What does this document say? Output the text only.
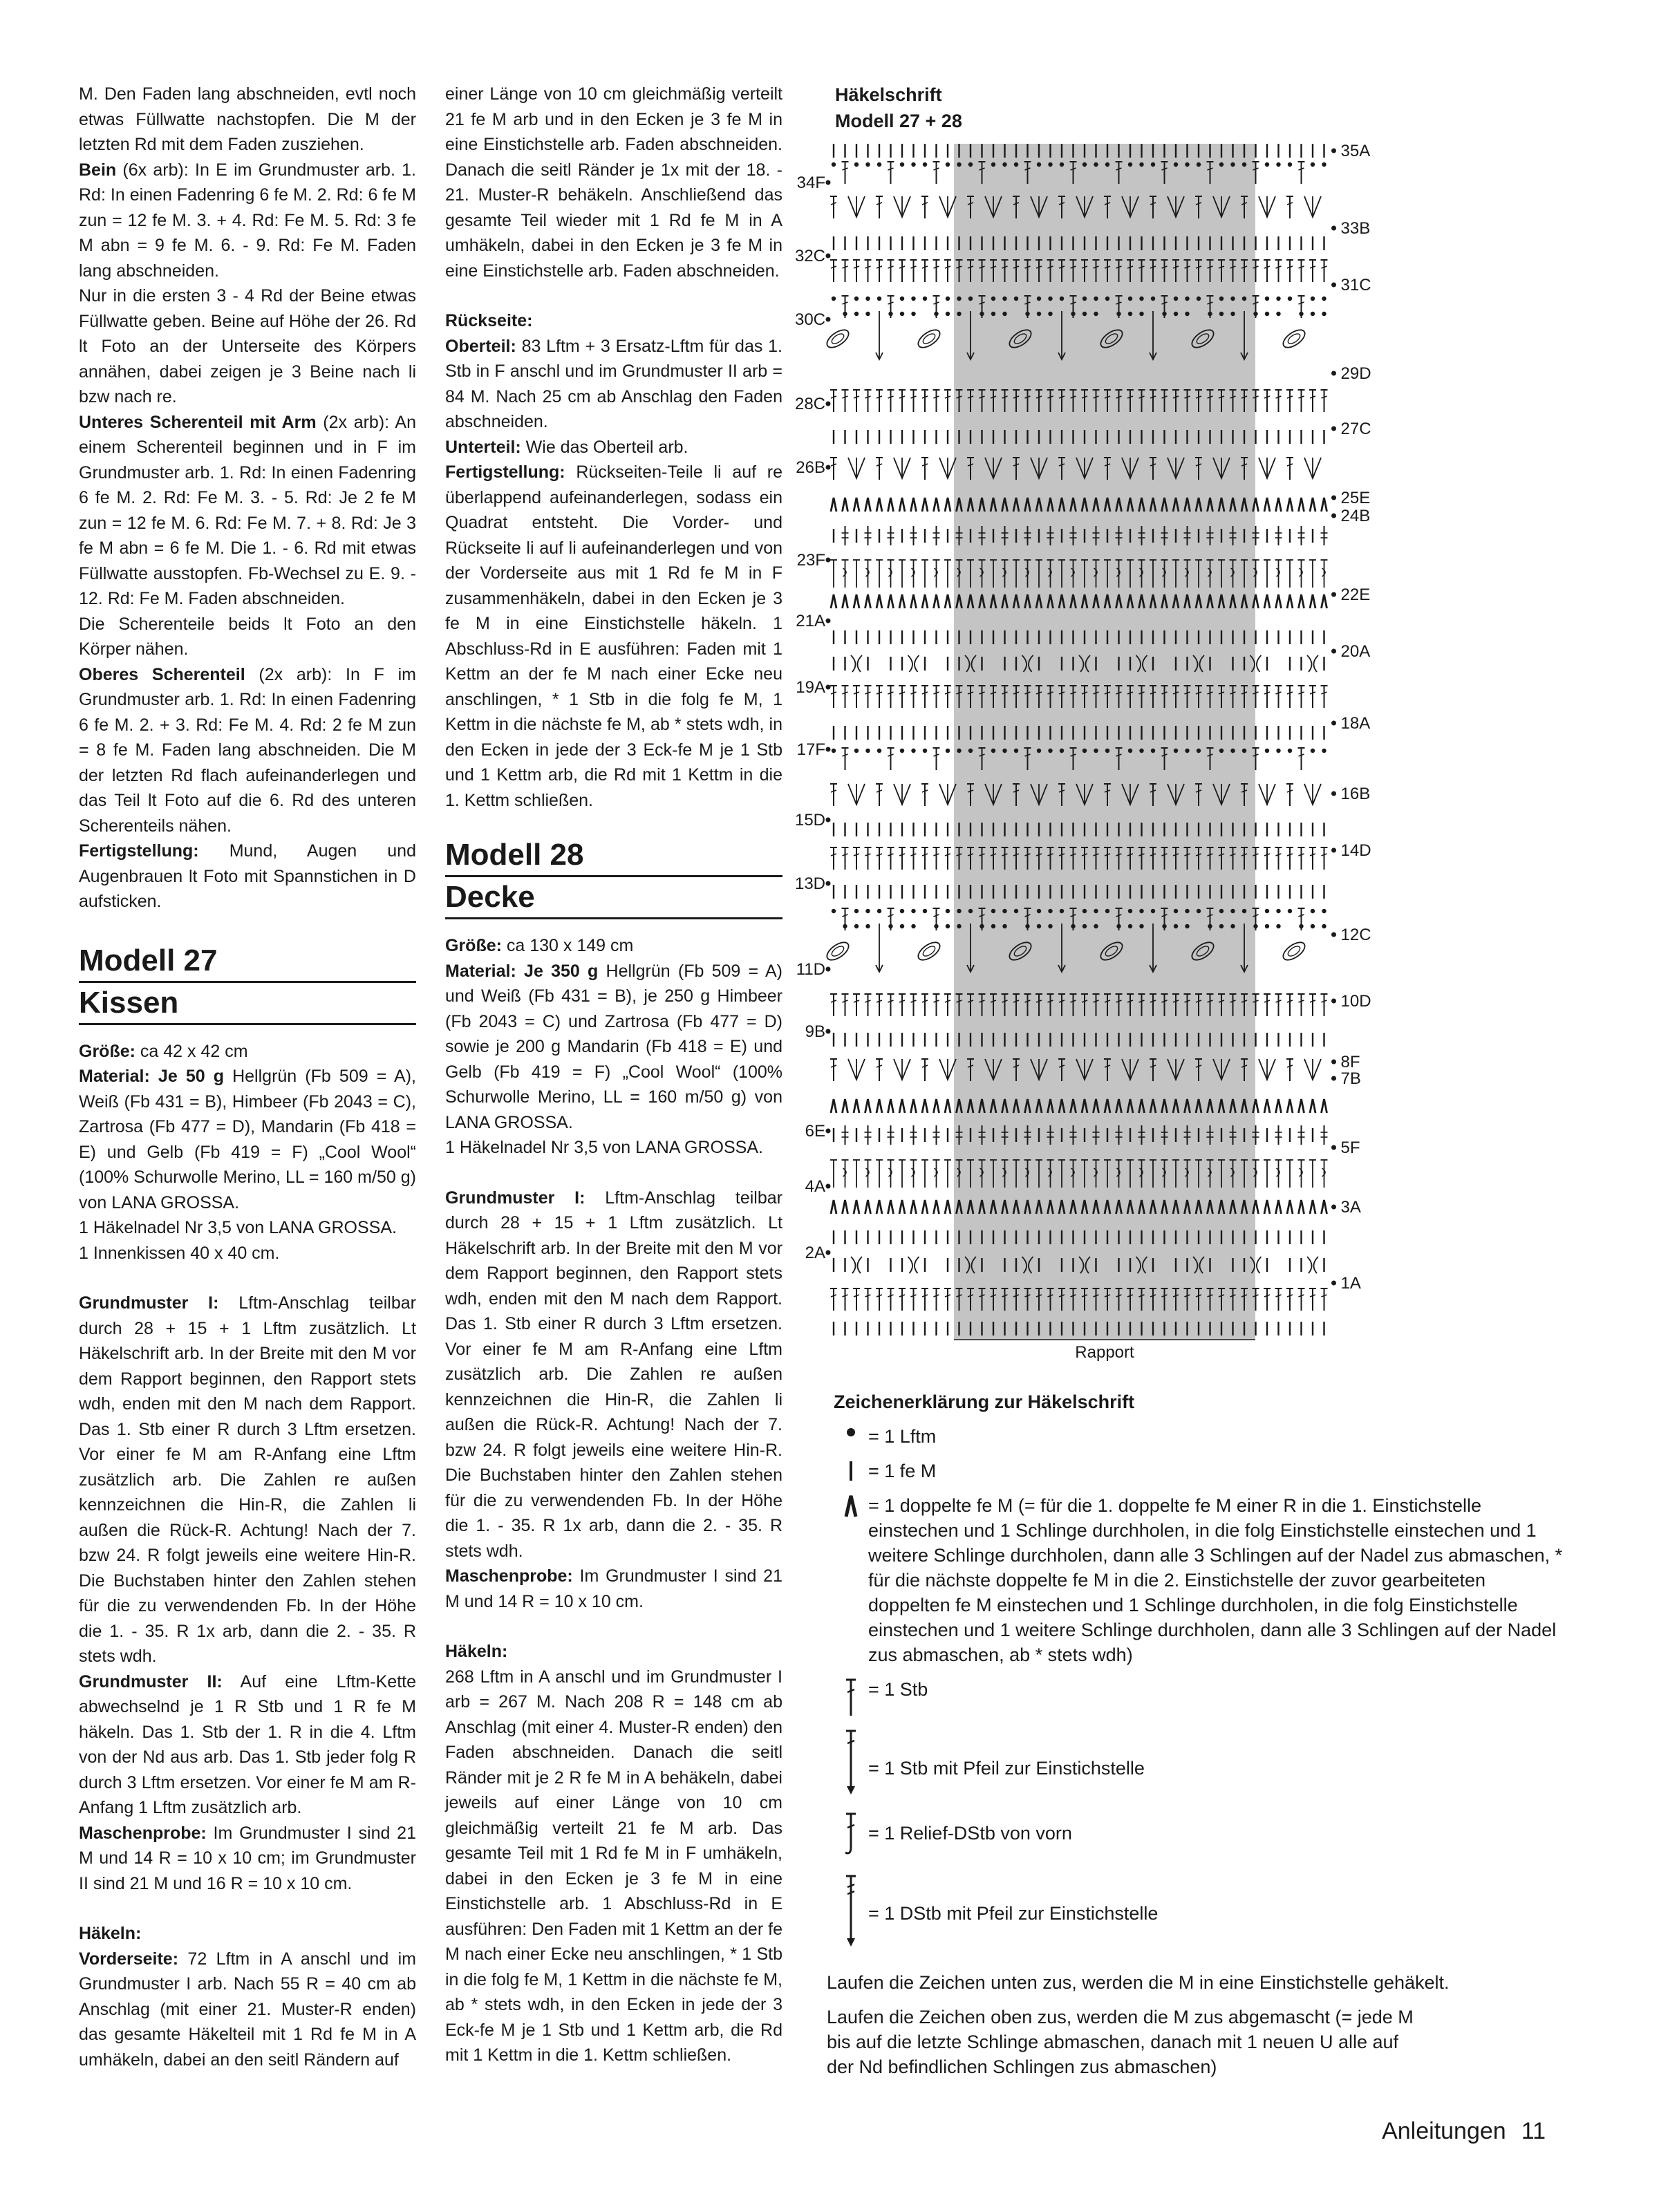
M. Den Faden lang abschneiden, evtl noch etwas Füllwatte nachstopfen. Die M der letzten Rd mit dem Faden zusziehen.

Bein (6x arb): In E im Grundmuster arb. 1. Rd: In einen Fadenring 6 fe M. 2. Rd: 6 fe M zun = 12 fe M. 3. + 4. Rd: Fe M. 5. Rd: 3 fe M abn = 9 fe M. 6. - 9. Rd: Fe M. Faden lang abschneiden.

Nur in die ersten 3 - 4 Rd der Beine etwas Füllwatte geben. Beine auf Höhe der 26. Rd lt Foto an der Unterseite des Körpers annähen, dabei zeigen je 3 Beine nach li bzw nach re.

Unteres Scherenteil mit Arm (2x arb): An einem Scherenteil beginnen und in F im Grundmuster arb. 1. Rd: In einen Fadenring 6 fe M. 2. Rd: Fe M. 3. - 5. Rd: Je 2 fe M zun = 12 fe M. 6. Rd: Fe M. 7. + 8. Rd: Je 3 fe M abn = 6 fe M. Die 1. - 6. Rd mit etwas Füllwatte ausstopfen. Fb-Wechsel zu E. 9. - 12. Rd: Fe M. Faden abschneiden.

Die Scherenteile beids lt Foto an den Körper nähen.

Oberes Scherenteil (2x arb): In F im Grundmuster arb. 1. Rd: In einen Fadenring 6 fe M. 2. + 3. Rd: Fe M. 4. Rd: 2 fe M zun = 8 fe M. Faden lang abschneiden. Die M der letzten Rd flach aufeinanderlegen und das Teil lt Foto auf die 6. Rd des unteren Scherenteils nähen.

Fertigstellung: Mund, Augen und Augenbrauen lt Foto mit Spannstichen in D aufsticken.

Modell 27
Kissen

Größe: ca 42 x 42 cm

Material: Je 50 g Hellgrün (Fb 509 = A), Weiß (Fb 431 = B), Himbeer (Fb 2043 = C), Zartrosa (Fb 477 = D), Mandarin (Fb 418 = E) und Gelb (Fb 419 = F) „Cool Wool“ (100% Schurwolle Merino, LL = 160 m/50 g) von LANA GROSSA.

1 Häkelnadel Nr 3,5 von LANA GROSSA.

1 Innenkissen 40 x 40 cm.

Grundmuster I: Lftm-Anschlag teilbar durch 28 + 15 + 1 Lftm zusätzlich. Lt Häkelschrift arb. In der Breite mit den M vor dem Rapport beginnen, den Rapport stets wdh, enden mit den M nach dem Rapport. Das 1. Stb einer R durch 3 Lftm ersetzen. Vor einer fe M am R-Anfang eine Lftm zusätzlich arb. Die Zahlen re außen kennzeichnen die Hin-R, die Zahlen li außen die Rück-R. Achtung! Nach der 7. bzw 24. R folgt jeweils eine weitere Hin-R. Die Buchstaben hinter den Zahlen stehen für die zu verwendenden Fb. In der Höhe die 1. - 35. R 1x arb, dann die 2. - 35. R stets wdh.

Grundmuster II: Auf eine Lftm-Kette abwechselnd je 1 R Stb und 1 R fe M häkeln. Das 1. Stb der 1. R in die 4. Lftm von der Nd aus arb. Das 1. Stb jeder folg R durch 3 Lftm ersetzen. Vor einer fe M am R-Anfang 1 Lftm zusätzlich arb.

Maschenprobe: Im Grundmuster I sind 21 M und 14 R = 10 x 10 cm; im Grundmuster II sind 21 M und 16 R = 10 x 10 cm.

Häkeln:

Vorderseite: 72 Lftm in A anschl und im Grundmuster I arb. Nach 55 R = 40 cm ab Anschlag (mit einer 21. Muster-R enden) das gesamte Häkelteil mit 1 Rd fe M in A umhäkeln, dabei an den seitl Rändern auf

einer Länge von 10 cm gleichmäßig verteilt 21 fe M arb und in den Ecken je 3 fe M in eine Einstichstelle arb. Faden abschneiden. Danach die seitl Ränder je 1x mit der 18. - 21. Muster-R behäkeln. Anschließend das gesamte Teil wieder mit 1 Rd fe M in A umhäkeln, dabei in den Ecken je 3 fe M in eine Einstichstelle arb. Faden abschneiden.

Rückseite:

Oberteil: 83 Lftm + 3 Ersatz-Lftm für das 1. Stb in F anschl und im Grundmuster II arb = 84 M. Nach 25 cm ab Anschlag den Faden abschneiden.

Unterteil: Wie das Oberteil arb.

Fertigstellung: Rückseiten-Teile li auf re überlappend aufeinanderlegen, sodass ein Quadrat entsteht. Die Vorder- und Rückseite li auf li aufeinanderlegen und von der Vorderseite aus mit 1 Rd fe M in F zusammenhäkeln, dabei in den Ecken je 3 fe M in eine Einstichstelle häkeln. 1 Abschluss-Rd in E ausführen: Faden mit 1 Kettm an der fe M nach einer Ecke neu anschlingen, * 1 Stb in die folg fe M, 1 Kettm in die nächste fe M, ab * stets wdh, in den Ecken in jede der 3 Eck-fe M je 1 Stb und 1 Kettm arb, die Rd mit 1 Kettm in die 1. Kettm schließen.

Modell 28
Decke

Größe: ca 130 x 149 cm

Material: Je 350 g Hellgrün (Fb 509 = A) und Weiß (Fb 431 = B), je 250 g Himbeer (Fb 2043 = C) und Zartrosa (Fb 477 = D) sowie je 200 g Mandarin (Fb 418 = E) und Gelb (Fb 419 = F) „Cool Wool“ (100% Schurwolle Merino, LL = 160 m/50 g) von LANA GROSSA.

1 Häkelnadel Nr 3,5 von LANA GROSSA.

Grundmuster I: Lftm-Anschlag teilbar durch 28 + 15 + 1 Lftm zusätzlich. Lt Häkelschrift arb. In der Breite mit den M vor dem Rapport beginnen, den Rapport stets wdh, enden mit den M nach dem Rapport. Das 1. Stb einer R durch 3 Lftm ersetzen. Vor einer fe M am R-Anfang eine Lftm zusätzlich arb. Die Zahlen re außen kennzeichnen die Hin-R, die Zahlen li außen die Rück-R. Achtung! Nach der 7. bzw 24. R folgt jeweils eine weitere Hin-R. Die Buchstaben hinter den Zahlen stehen für die zu verwendenden Fb. In der Höhe die 1. - 35. R 1x arb, dann die 2. - 35. R stets wdh.

Maschenprobe: Im Grundmuster I sind 21 M und 14 R = 10 x 10 cm.

Häkeln:

268 Lftm in A anschl und im Grundmuster I arb = 267 M. Nach 208 R = 148 cm ab Anschlag (mit einer 4. Muster-R enden) den Faden abschneiden. Danach die seitl Ränder mit je 2 R fe M in A behäkeln, dabei jeweils auf einer Länge von 10 cm gleichmäßig verteilt 21 fe M arb. Das gesamte Teil mit 1 Rd fe M in F umhäkeln, dabei in den Ecken je 3 fe M in eine Einstichstelle arb. 1 Abschluss-Rd in E ausführen: Den Faden mit 1 Kettm an der fe M nach einer Ecke neu anschlingen, * 1 Stb in die folg fe M, 1 Kettm in die nächste fe M, ab * stets wdh, in den Ecken in jede der 3 Eck-fe M je 1 Stb und 1 Kettm arb, die Rd mit 1 Kettm in die 1. Kettm schließen.

Häkelschrift
Modell 27 + 28
Rapport
35A
33B
31C
29D
27C
25E
24B
22E
20A
18A
16B
14D
12C
10D
8F
7B
5F
3A
1A
34F
32C
30C
28C
26B
23F
21A
19A
17F
15D
13D
11D
9B
6E
4A
2A
Zeichenerklärung zur Häkelschrift
= 1 Lftm
= 1 fe M
= 1 doppelte fe M (= für die 1. doppelte fe M einer R in die 1. Einstichstelle einstechen und 1 Schlinge durchholen, in die folg Einstichstelle einstechen und 1 weitere Schlinge durchholen, dann alle 3 Schlingen auf der Nadel zus abmaschen, * für die nächste doppelte fe M in die 2. Einstichstelle der zuvor gearbeiteten doppelten fe M einstechen und 1 Schlinge durchholen, in die folg Einstichstelle einstechen und 1 weitere Schlinge durchholen, dann alle 3 Schlingen auf der Nadel zus abmaschen, ab * stets wdh)
= 1 Stb
= 1 Stb mit Pfeil zur Einstichstelle
= 1 Relief-DStb von vorn
= 1 DStb mit Pfeil zur Einstichstelle

Laufen die Zeichen unten zus, werden die M in eine Einstichstelle gehäkelt.

Laufen die Zeichen oben zus, werden die M zus abgemascht (= jede M bis auf die letzte Schlinge abmaschen, danach mit 1 neuen U alle auf der Nd befindlichen Schlingen zus abmaschen)

Anleitungen 11
